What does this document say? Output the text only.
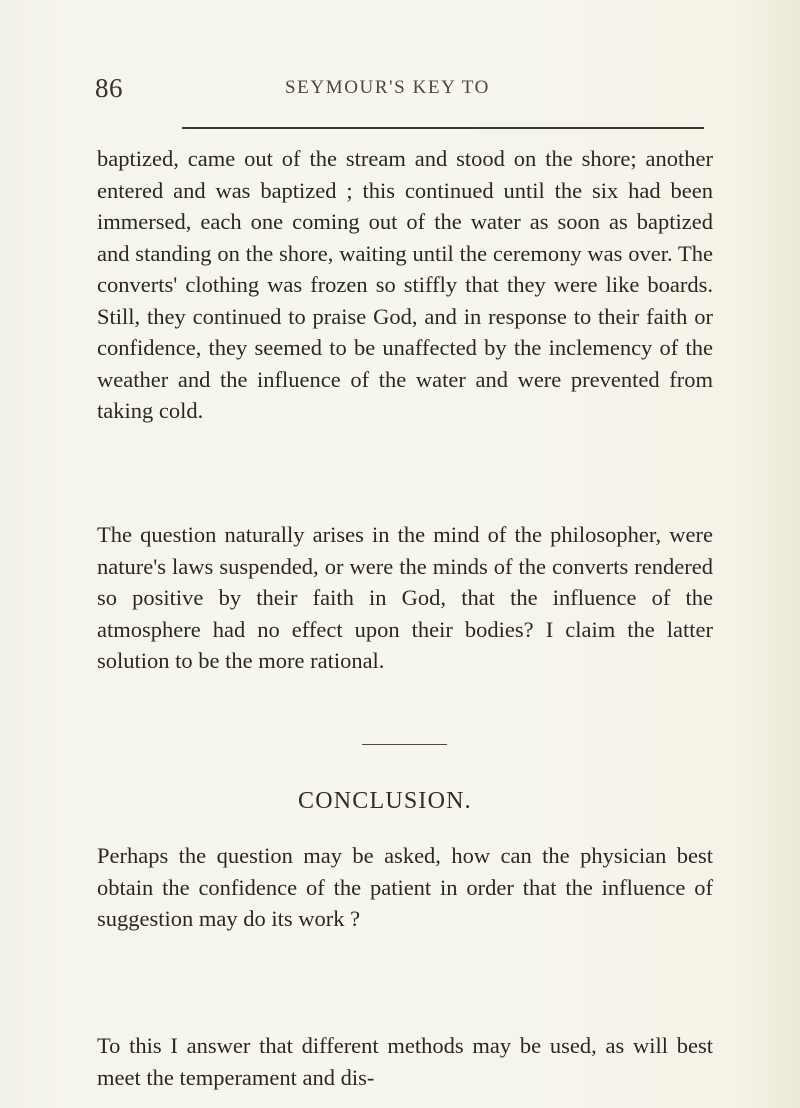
86	SEYMOUR'S KEY TO

baptized, came out of the stream and stood on the shore; another entered and was baptized ; this continued until the six had been immersed, each one coming out of the water as soon as baptized and standing on the shore, waiting until the ceremony was over. The converts' clothing was frozen so stiffly that they were like boards. Still, they continued to praise God, and in response to their faith or confidence, they seemed to be unaffected by the inclemency of the weather and the influence of the water and were prevented from taking cold.

The question naturally arises in the mind of the philosopher, were nature's laws suspended, or were the minds of the converts rendered so positive by their faith in God, that the influence of the atmosphere had no effect upon their bodies? I claim the latter solution to be the more rational.

CONCLUSION.

Perhaps the question may be asked, how can the physician best obtain the confidence of the patient in order that the influence of suggestion may do its work ?

To this I answer that different methods may be used, as will best meet the temperament and dis-
